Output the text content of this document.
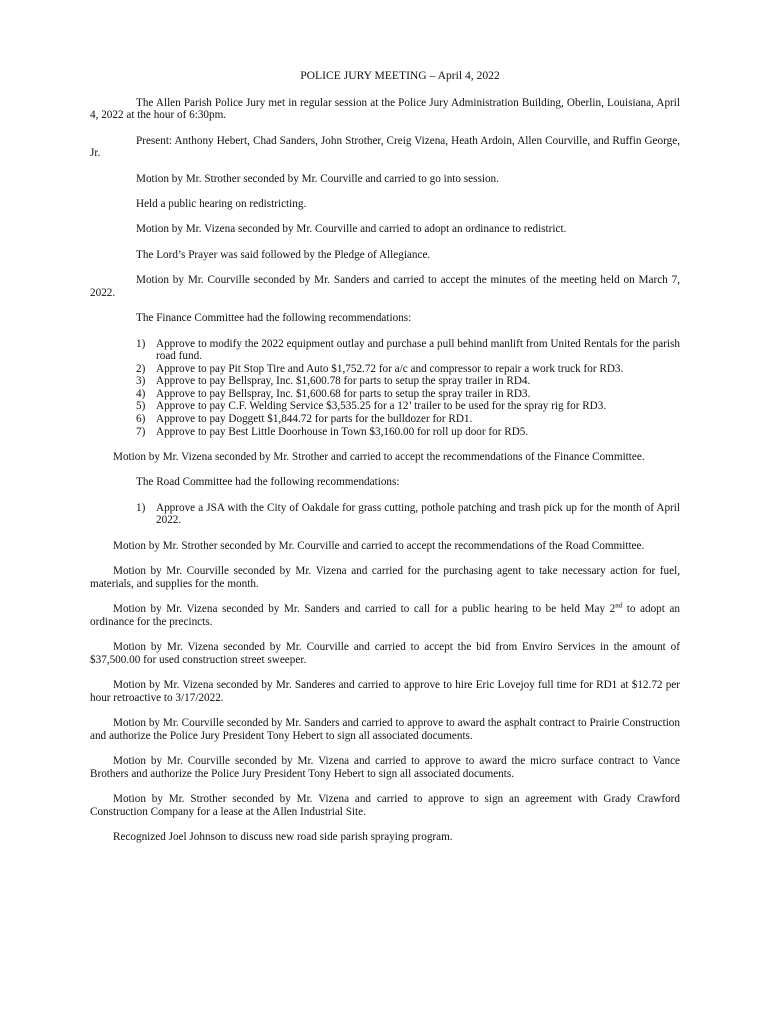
POLICE JURY MEETING – April 4, 2022

The Allen Parish Police Jury met in regular session at the Police Jury Administration Building, Oberlin, Louisiana, April 4, 2022 at the hour of 6:30pm.

Present: Anthony Hebert, Chad Sanders, John Strother, Creig Vizena, Heath Ardoin, Allen Courville, and Ruffin George, Jr.

Motion by Mr. Strother seconded by Mr. Courville and carried to go into session.

Held a public hearing on redistricting.

Motion by Mr. Vizena seconded by Mr. Courville and carried to adopt an ordinance to redistrict.

The Lord’s Prayer was said followed by the Pledge of Allegiance.

Motion by Mr. Courville seconded by Mr. Sanders and carried to accept the minutes of the meeting held on March 7, 2022.

The Finance Committee had the following recommendations:

1) Approve to modify the 2022 equipment outlay and purchase a pull behind manlift from United Rentals for the parish road fund.
2) Approve to pay Pit Stop Tire and Auto $1,752.72 for a/c and compressor to repair a work truck for RD3.
3) Approve to pay Bellspray, Inc. $1,600.78 for parts to setup the spray trailer in RD4.
4) Approve to pay Bellspray, Inc. $1,600.68 for parts to setup the spray trailer in RD3.
5) Approve to pay C.F. Welding Service $3,535.25 for a 12’ trailer to be used for the spray rig for RD3.
6) Approve to pay Doggett $1,844.72 for parts for the bulldozer for RD1.
7) Approve to pay Best Little Doorhouse in Town $3,160.00 for roll up door for RD5.

Motion by Mr. Vizena seconded by Mr. Strother and carried to accept the recommendations of the Finance Committee.

The Road Committee had the following recommendations:

1) Approve a JSA with the City of Oakdale for grass cutting, pothole patching and trash pick up for the month of April 2022.

Motion by Mr. Strother seconded by Mr. Courville and carried to accept the recommendations of the Road Committee.

Motion by Mr. Courville seconded by Mr. Vizena and carried for the purchasing agent to take necessary action for fuel, materials, and supplies for the month.

Motion by Mr. Vizena seconded by Mr. Sanders and carried to call for a public hearing to be held May 2nd to adopt an ordinance for the precincts.

Motion by Mr. Vizena seconded by Mr. Courville and carried to accept the bid from Enviro Services in the amount of $37,500.00 for used construction street sweeper.

Motion by Mr. Vizena seconded by Mr. Sanderes and carried to approve to hire Eric Lovejoy full time for RD1 at $12.72 per hour retroactive to 3/17/2022.

Motion by Mr. Courville seconded by Mr. Sanders and carried to approve to award the asphalt contract to Prairie Construction and authorize the Police Jury President Tony Hebert to sign all associated documents.

Motion by Mr. Courville seconded by Mr. Vizena and carried to approve to award the micro surface contract to Vance Brothers and authorize the Police Jury President Tony Hebert to sign all associated documents.

Motion by Mr. Strother seconded by Mr. Vizena and carried to approve to sign an agreement with Grady Crawford Construction Company for a lease at the Allen Industrial Site.

Recognized Joel Johnson to discuss new road side parish spraying program.
